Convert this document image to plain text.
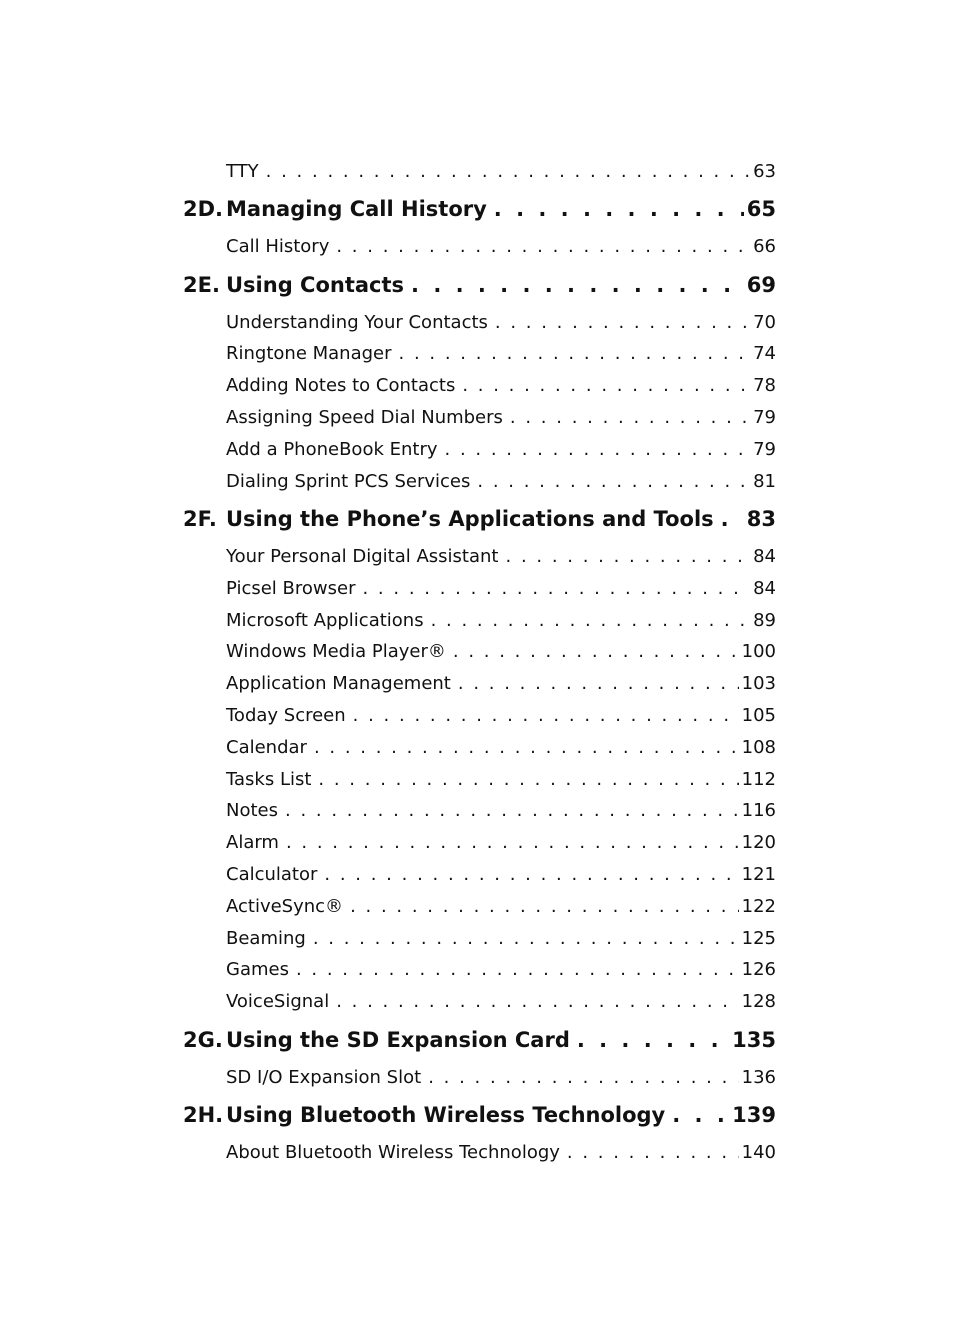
TTY . . .	63
2D. Managing Call History . . .	65
Call History . . .	66
2E. Using Contacts . . .	69
Understanding Your Contacts . . .	70
Ringtone Manager . . .	74
Adding Notes to Contacts . . .	78
Assigning Speed Dial Numbers . . .	79
Add a PhoneBook Entry . . .	79
Dialing Sprint PCS Services . . .	81
2F. Using the Phone’s Applications and Tools . . . 83
Your Personal Digital Assistant . . .	84
Picsel Browser . . .	84
Microsoft Applications . . .	89
Windows Media Player® . . .	100
Application Management . . .	103
Today Screen . . .	105
Calendar . . .	108
Tasks List . . .	112
Notes . . .	116
Alarm . . .	120
Calculator . . .	121
ActiveSync® . . .	122
Beaming . . .	125
Games . . .	126
VoiceSignal . . .	128
2G. Using the SD Expansion Card . . .	135
SD I/O Expansion Slot . . .	136
2H. Using Bluetooth Wireless Technology . . .	139
About Bluetooth Wireless Technology . . .	140
